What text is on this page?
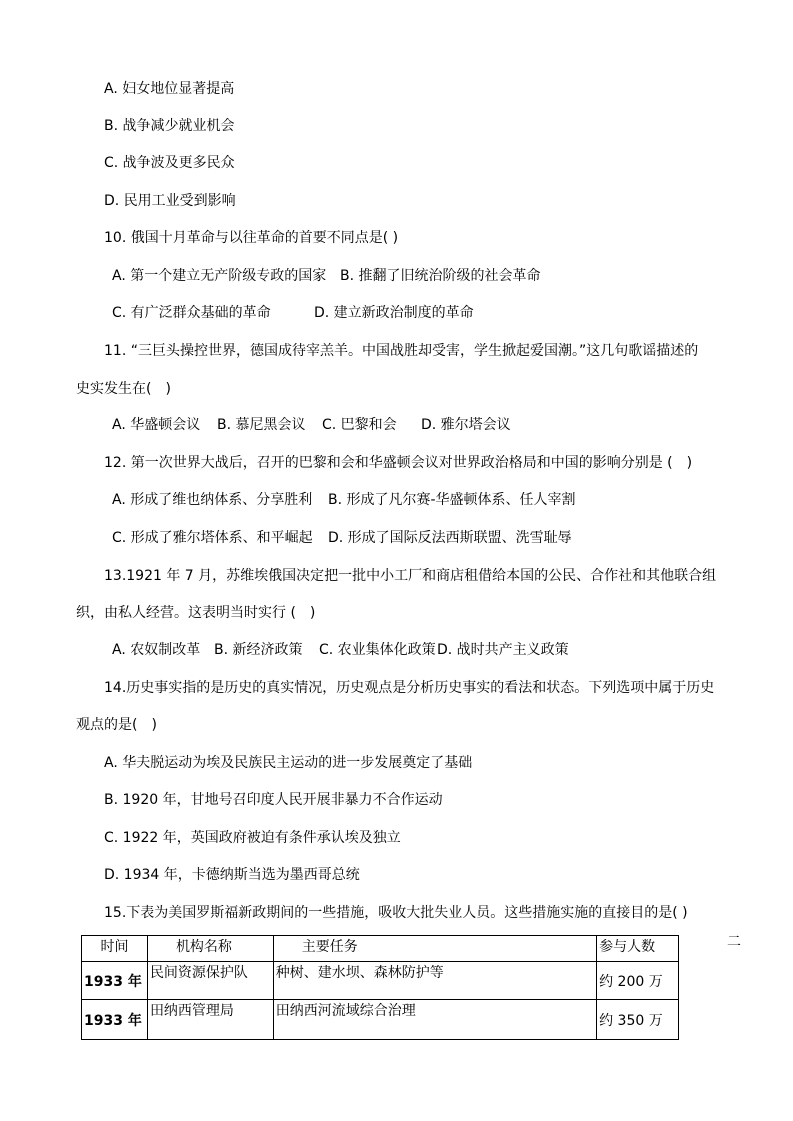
A. 妇女地位显著提高
B. 战争减少就业机会
C. 战争波及更多民众
D. 民用工业受到影响
10. 俄国十月革命与以往革命的首要不同点是( )
A. 第一个建立无产阶级专政的国家 B. 推翻了旧统治阶级的社会革命
C. 有广泛群众基础的革命	D. 建立新政治制度的革命
11. “三巨头操控世界，德国成待宰羔羊。中国战胜却受害，学生掀起爱国潮。”这几句歌谣描述的
史实发生在(　)
A. 华盛顿会议 B. 慕尼黑会议 C. 巴黎和会 D. 雅尔塔会议
12. 第一次世界大战后，召开的巴黎和会和华盛顿会议对世界政治格局和中国的影响分别是 (　)
A. 形成了维也纳体系、分享胜利 B. 形成了凡尔赛-华盛顿体系、任人宰割
C. 形成了雅尔塔体系、和平崛起 D. 形成了国际反法西斯联盟、洗雪耻辱
13.1921 年 7 月，苏维埃俄国决定把一批中小工厂和商店租借给本国的公民、合作社和其他联合组
织，由私人经营。这表明当时实行 (　)
A. 农奴制改革 B. 新经济政策 C. 农业集体化政策 D. 战时共产主义政策
14.历史事实指的是历史的真实情况，历史观点是分析历史事实的看法和状态。下列选项中属于历史
观点的是(　)
A. 华夫脱运动为埃及民族民主运动的进一步发展奠定了基础
B. 1920 年，甘地号召印度人民开展非暴力不合作运动
C. 1922 年，英国政府被迫有条件承认埃及独立
D. 1934 年，卡德纳斯当选为墨西哥总统
15.下表为美国罗斯福新政期间的一些措施，吸收大批失业人员。这些措施实施的直接目的是( )
二
时间	机构名称	主要任务	参与人数
1933 年	民间资源保护队	种树、建水坝、森林防护等	约 200 万
1933 年	田纳西管理局	田纳西河流域综合治理	约 350 万
